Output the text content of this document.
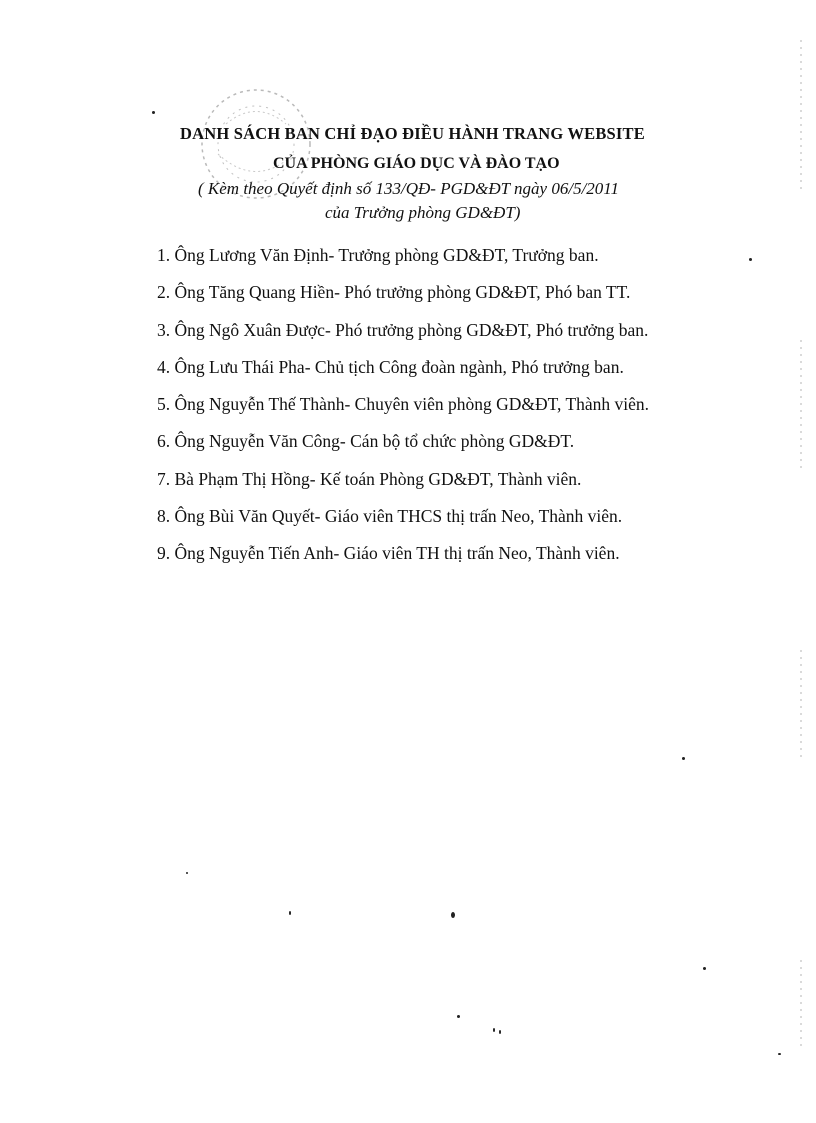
DANH SÁCH BAN CHỈ ĐẠO ĐIỀU HÀNH TRANG WEBSITE
CỦA PHÒNG GIÁO DỤC VÀ ĐÀO TẠO
( Kèm theo Quyết định số 133/QĐ- PGD&ĐT ngày 06/5/2011
của Trưởng phòng GD&ĐT)
1. Ông Lương Văn Định- Trưởng phòng GD&ĐT, Trưởng ban.
2. Ông Tăng Quang Hiền- Phó trưởng phòng GD&ĐT, Phó ban TT.
3. Ông Ngô Xuân Được- Phó trưởng phòng GD&ĐT, Phó trưởng ban.
4. Ông Lưu Thái Pha- Chủ tịch Công đoàn ngành, Phó trưởng ban.
5. Ông Nguyễn Thế Thành- Chuyên viên phòng GD&ĐT, Thành viên.
6. Ông Nguyễn Văn Công- Cán bộ tổ chức phòng GD&ĐT.
7. Bà Phạm Thị Hồng- Kế toán Phòng GD&ĐT, Thành viên.
8. Ông Bùi Văn Quyết- Giáo viên THCS thị trấn Neo, Thành viên.
9. Ông Nguyễn Tiến Anh- Giáo viên TH thị trấn Neo, Thành viên.
